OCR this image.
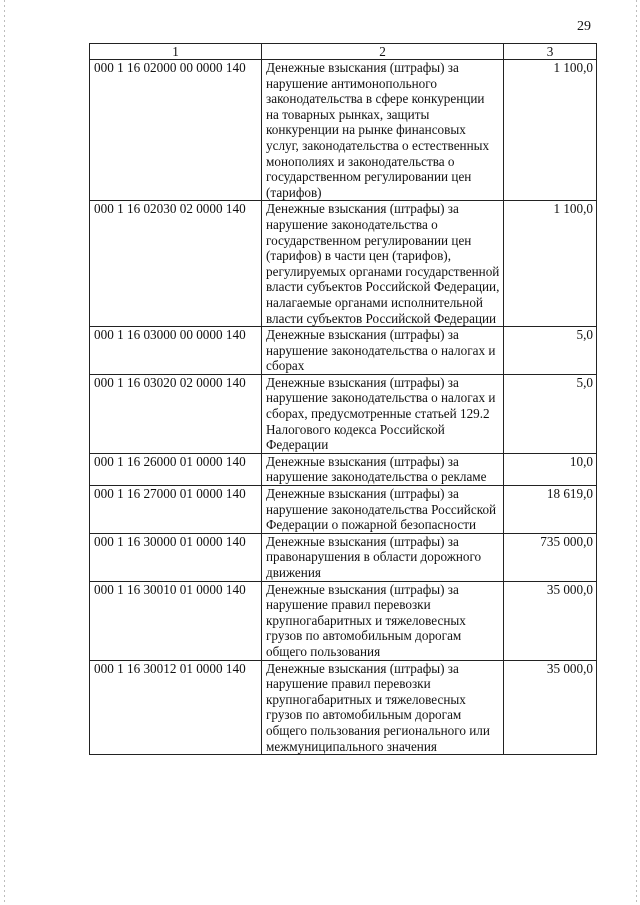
29
1	2	3
000 1 16 02000 00 0000 140	Денежные взыскания (штрафы) за нарушение антимонопольного законодательства в сфере конкуренции на товарных рынках, защиты конкуренции на рынке финансовых услуг, законодательства о естественных монополиях и законодательства о государственном регулировании цен (тарифов)	1 100,0
000 1 16 02030 02 0000 140	Денежные взыскания (штрафы) за нарушение законодательства о государственном регулировании цен (тарифов) в части цен (тарифов), регулируемых органами государственной власти субъектов Российской Федерации, налагаемые органами исполнительной власти субъектов Российской Федерации	1 100,0
000 1 16 03000 00 0000 140	Денежные взыскания (штрафы) за нарушение законодательства о налогах и сборах	5,0
000 1 16 03020 02 0000 140	Денежные взыскания (штрафы) за нарушение законодательства о налогах и сборах, предусмотренные статьей 129.2 Налогового кодекса Российской Федерации	5,0
000 1 16 26000 01 0000 140	Денежные взыскания (штрафы) за нарушение законодательства о рекламе	10,0
000 1 16 27000 01 0000 140	Денежные взыскания (штрафы) за нарушение законодательства Российской Федерации о пожарной безопасности	18 619,0
000 1 16 30000 01 0000 140	Денежные взыскания (штрафы) за правонарушения в области дорожного движения	735 000,0
000 1 16 30010 01 0000 140	Денежные взыскания (штрафы) за нарушение правил перевозки крупногабаритных и тяжеловесных грузов по автомобильным дорогам общего пользования	35 000,0
000 1 16 30012 01 0000 140	Денежные взыскания (штрафы) за нарушение правил перевозки крупногабаритных и тяжеловесных грузов по автомобильным дорогам общего пользования регионального или межмуниципального значения	35 000,0
